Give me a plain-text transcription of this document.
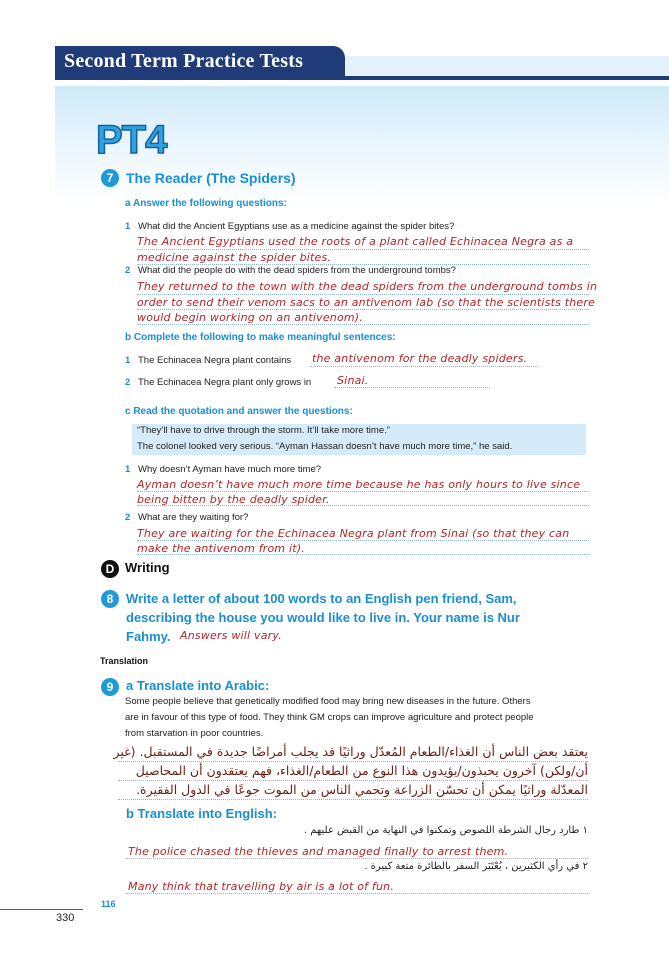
Second Term Practice Tests
PT4
7 The Reader (The Spiders)
a Answer the following questions:
1 What did the Ancient Egyptians use as a medicine against the spider bites?
The Ancient Egyptians used the roots of a plant called Echinacea Negra as a
medicine against the spider bites.
2 What did the people do with the dead spiders from the underground tombs?
They returned to the town with the dead spiders from the underground tombs in
order to send their venom sacs to an antivenom lab (so that the scientists there
would begin working on an antivenom).
b Complete the following to make meaningful sentences:
1 The Echinacea Negra plant contains the antivenom for the deadly spiders.
2 The Echinacea Negra plant only grows in Sinai.
c Read the quotation and answer the questions:
“They’ll have to drive through the storm. It’ll take more time.”
The colonel looked very serious. “Ayman Hassan doesn’t have much more time,” he said.
1 Why doesn’t Ayman have much more time?
Ayman doesn’t have much more time because he has only hours to live since
being bitten by the deadly spider.
2 What are they waiting for?
They are waiting for the Echinacea Negra plant from Sinai (so that they can
make the antivenom from it).
D Writing
8 Write a letter of about 100 words to an English pen friend, Sam,
describing the house you would like to live in. Your name is Nur
Fahmy. Answers will vary.
Translation
9 a Translate into Arabic:
Some people believe that genetically modified food may bring new diseases in the future. Others
are in favour of this type of food. They think GM crops can improve agriculture and protect people
from starvation in poor countries.
يعتقد بعض الناس أن الغذاء/الطعام المُعدّل وراثيًا قد يجلب أمراضًا جديدة في المستقبل. (غير
أن/ولكن) آخرون يحبذون/يؤيدون هذا النوع من الطعام/الغذاء، فهم يعتقدون أن المحاصيل
المعدّلة وراثيًا يمكن أن تحسّن الزراعة وتحمي الناس من الموت جوعًا في الدول الفقيرة.
b Translate into English:
١ طارد رجال الشرطة اللصوص وتمكنوا في النهاية من القبض عليهم .
The police chased the thieves and managed finally to arrest them.
٢ في رأي الكثيرين ، يُعْتَبَر السفر بالطائرة متعة كبيرة .
Many think that travelling by air is a lot of fun.
116
330
